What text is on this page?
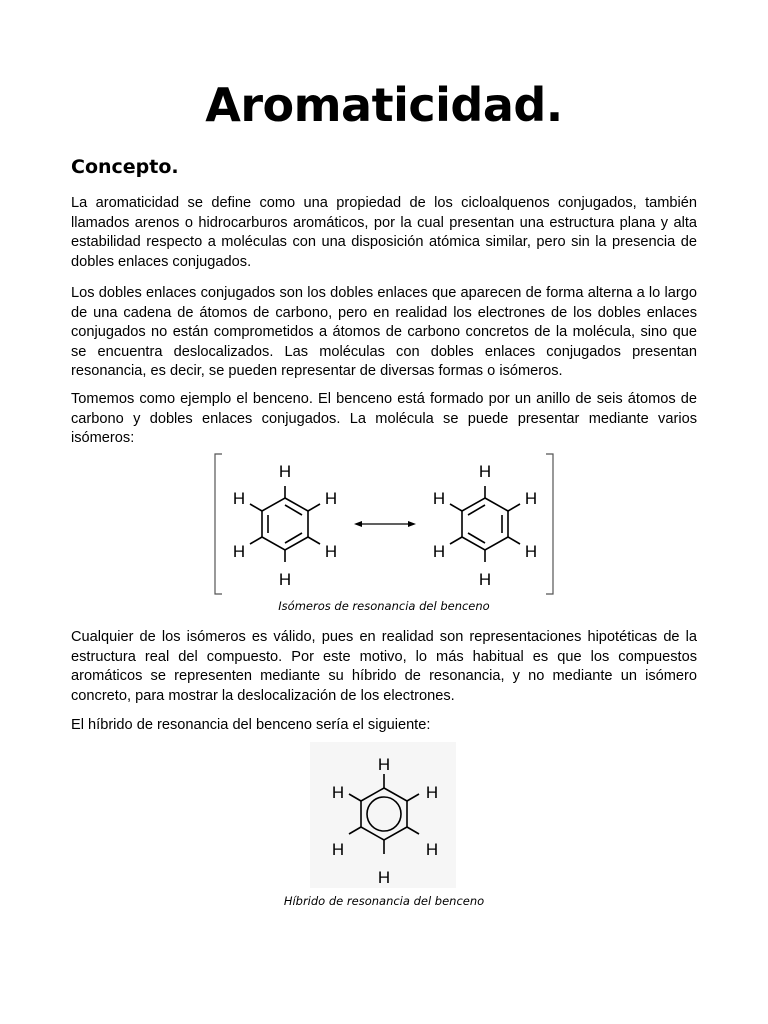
Aromaticidad.
Concepto.

La aromaticidad se define como una propiedad de los cicloalquenos conjugados, también llamados arenos o hidrocarburos aromáticos, por la cual presentan una estructura plana y alta estabilidad respecto a moléculas con una disposición atómica similar, pero sin la presencia de dobles enlaces conjugados.

Los dobles enlaces conjugados son los dobles enlaces que aparecen de forma alterna a lo largo de una cadena de átomos de carbono, pero en realidad los electrones de los dobles enlaces conjugados no están comprometidos a átomos de carbono concretos de la molécula, sino que se encuentra deslocalizados. Las moléculas con dobles enlaces conjugados presentan resonancia, es decir, se pueden representar de diversas formas o isómeros.

Tomemos como ejemplo el benceno. El benceno está formado por un anillo de seis átomos de carbono y dobles enlaces conjugados. La molécula se puede presentar mediante varios isómeros:

H
H
H
H
H
H
H
H
H
H
H
H

Isómeros de resonancia del benceno

Cualquier de los isómeros es válido, pues en realidad son representaciones hipotéticas de la estructura real del compuesto. Por este motivo, lo más habitual es que los compuestos aromáticos se representen mediante su híbrido de resonancia, y no mediante un isómero concreto, para mostrar la deslocalización de los electrones.

El híbrido de resonancia del benceno sería el siguiente:

H
H
H
H
H
H

Híbrido de resonancia del benceno
